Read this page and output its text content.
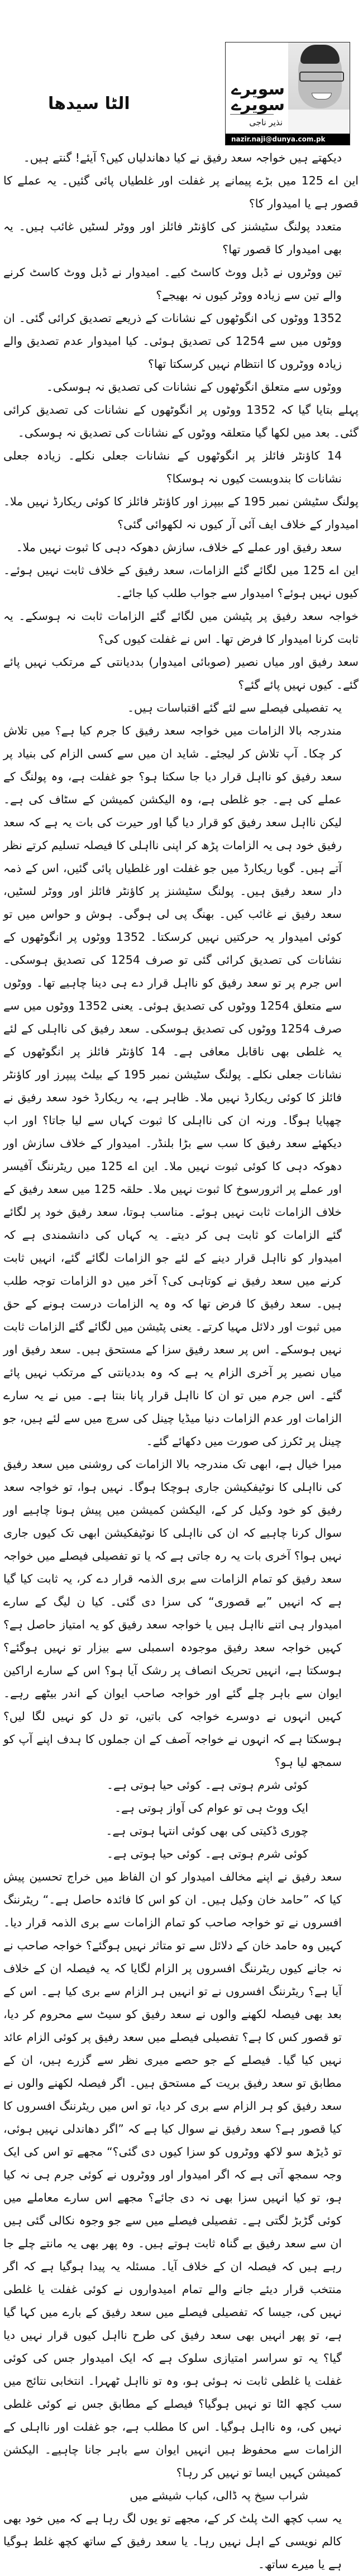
الٹا سیدھا
سویرے سویرے
نذیر ناجی
nazir.naji@dunya.com.pk

دیکھتے ہیں خواجہ سعد رفیق نے کیا دھاندلیاں کیں؟ آیئے! گنتے ہیں۔

این اے 125 میں بڑے پیمانے پر غفلت اور غلطیاں پائی گئیں۔ یہ عملے کا قصور ہے یا امیدوار کا؟

متعدد پولنگ سٹیشنز کی کاؤنٹر فائلز اور ووٹر لسٹیں غائب ہیں۔ یہ بھی امیدوار کا قصور تھا؟

تین ووٹروں نے ڈبل ووٹ کاسٹ کیے۔ امیدوار نے ڈبل ووٹ کاسٹ کرنے والے تین سے زیادہ ووٹر کیوں نہ بھیجے؟

1352 ووٹوں کی انگوٹھوں کے نشانات کے ذریعے تصدیق کرائی گئی۔ ان ووٹوں میں سے 1254 کی تصدیق ہوئی۔ کیا امیدوار عدم تصدیق والے زیادہ ووٹروں کا انتظام نہیں کرسکتا تھا؟

ووٹوں سے متعلق انگوٹھوں کے نشانات کی تصدیق نہ ہوسکی۔

پہلے بتایا گیا کہ 1352 ووٹوں پر انگوٹھوں کے نشانات کی تصدیق کرائی گئی۔ بعد میں لکھا گیا متعلقہ ووٹوں کے نشانات کی تصدیق نہ ہوسکی۔

14 کاؤنٹر فائلز پر انگوٹھوں کے نشانات جعلی نکلے۔ زیادہ جعلی نشانات کا بندوبست کیوں نہ ہوسکا؟

پولنگ سٹیشن نمبر 195 کے بیپرز اور کاؤنٹر فائلز کا کوئی ریکارڈ نہیں ملا۔ امیدوار کے خلاف ایف آئی آر کیوں نہ لکھوائی گئی؟

سعد رفیق اور عملے کے خلاف، سازش دھوکہ دہی کا ثبوت نہیں ملا۔

این اے 125 میں لگائے گئے الزامات، سعد رفیق کے خلاف ثابت نہیں ہوئے۔ کیوں نہیں ہوئے؟ امیدوار سے جواب طلب کیا جائے۔

خواجہ سعد رفیق پر پٹیشن میں لگائے گئے الزامات ثابت نہ ہوسکے۔ یہ ثابت کرنا امیدوار کا فرض تھا۔ اس نے غفلت کیوں کی؟

سعد رفیق اور میاں نصیر (صوبائی امیدوار) بددیانتی کے مرتکب نہیں پائے گئے۔ کیوں نہیں پائے گئے؟

یہ تفصیلی فیصلے سے لئے گئے اقتباسات ہیں۔

مندرجہ بالا الزامات میں خواجہ سعد رفیق کا جرم کیا ہے؟ میں تلاش کر چکا۔ آپ تلاش کر لیجئے۔ شاید ان میں سے کسی الزام کی بنیاد پر سعد رفیق کو نااہل قرار دیا جا سکتا ہو؟ جو غفلت ہے، وہ پولنگ کے عملے کی ہے۔ جو غلطی ہے، وہ الیکشن کمیشن کے سٹاف کی ہے۔ لیکن نااہل سعد رفیق کو قرار دیا گیا اور حیرت کی بات یہ ہے کہ سعد رفیق خود ہی یہ الزامات پڑھ کر اپنی نااہلی کا فیصلہ تسلیم کرتے نظر آتے ہیں۔ گویا ریکارڈ میں جو غفلت اور غلطیاں پائی گئیں، اس کے ذمہ دار سعد رفیق ہیں۔ پولنگ سٹیشنز پر کاؤنٹر فائلز اور ووٹر لسٹیں، سعد رفیق نے غائب کیں۔ بھنگ پی لی ہوگی۔ ہوش و حواس میں تو کوئی امیدوار یہ حرکتیں نہیں کرسکتا۔ 1352 ووٹوں پر انگوٹھوں کے نشانات کی تصدیق کرائی گئی تو صرف 1254 کی تصدیق ہوسکی۔ اس جرم پر تو سعد رفیق کو نااہل قرار دے ہی دینا چاہیے تھا۔ ووٹوں سے متعلق 1254 ووٹوں کی تصدیق ہوئی۔ یعنی 1352 ووٹوں میں سے صرف 1254 ووٹوں کی تصدیق ہوسکی۔ سعد رفیق کی نااہلی کے لئے یہ غلطی بھی ناقابل معافی ہے۔ 14 کاؤنٹر فائلز پر انگوٹھوں کے نشانات جعلی نکلے۔ پولنگ سٹیشن نمبر 195 کے بیلٹ پیپرز اور کاؤنٹر فائلز کا کوئی ریکارڈ نہیں ملا۔ ظاہر ہے، یہ ریکارڈ خود سعد رفیق نے چھپایا ہوگا۔ ورنہ ان کی نااہلی کا ثبوت کہاں سے لیا جاتا؟ اور اب دیکھئے سعد رفیق کا سب سے بڑا بلنڈر۔ امیدوار کے خلاف سازش اور دھوکہ دہی کا کوئی ثبوت نہیں ملا۔ این اے 125 میں ریٹرننگ آفیسر اور عملے پر اثرورسوخ کا ثبوت نہیں ملا۔ حلقہ 125 میں سعد رفیق کے خلاف الزامات ثابت نہیں ہوئے۔ مناسب ہوتا، سعد رفیق خود پر لگائے گئے الزامات کو ثابت ہی کر دیتے۔ یہ کہاں کی دانشمندی ہے کہ امیدوار کو نااہل قرار دینے کے لئے جو الزامات لگائے گئے، انہیں ثابت کرنے میں سعد رفیق نے کوتاہی کی؟ آخر میں دو الزامات توجہ طلب ہیں۔ سعد رفیق کا فرض تھا کہ وہ یہ الزامات درست ہونے کے حق میں ثبوت اور دلائل مہیا کرتے۔ یعنی پٹیشن میں لگائے گئے الزامات ثابت نہیں ہوسکے۔ اس پر سعد رفیق سزا کے مستحق ہیں۔ سعد رفیق اور میاں نصیر پر آخری الزام یہ ہے کہ وہ بددیانتی کے مرتکب نہیں پائے گئے۔ اس جرم میں تو ان کا نااہل قرار پانا بنتا ہے۔ میں نے یہ سارے الزامات اور عدم الزامات دنیا میڈیا چینل کی سرچ میں سے لئے ہیں، جو چینل پر ٹکرز کی صورت میں دکھائے گئے۔

میرا خیال ہے، ابھی تک مندرجہ بالا الزامات کی روشنی میں سعد رفیق کی نااہلی کا نوٹیفکیشن جاری ہوچکا ہوگا۔ نہیں ہوا، تو خواجہ سعد رفیق کو خود وکیل کر کے، الیکشن کمیشن میں پیش ہونا چاہیے اور سوال کرنا چاہیے کہ ان کی نااہلی کا نوٹیفکیشن ابھی تک کیوں جاری نہیں ہوا؟ آخری بات یہ رہ جاتی ہے کہ یا تو تفصیلی فیصلے میں خواجہ سعد رفیق کو تمام الزامات سے بری الذمہ قرار دے کر، یہ ثابت کیا گیا ہے کہ انہیں ”بے قصوری“ کی سزا دی گئی۔ کیا ن لیگ کے سارے امیدوار ہی اتنے نااہل ہیں یا خواجہ سعد رفیق کو یہ امتیاز حاصل ہے؟ کہیں خواجہ سعد رفیق موجودہ اسمبلی سے بیزار تو نہیں ہوگئے؟ ہوسکتا ہے، انہیں تحریک انصاف پر رشک آیا ہو؟ اس کے سارے اراکین ایوان سے باہر چلے گئے اور خواجہ صاحب ایوان کے اندر بیٹھے رہے۔ کہیں انہوں نے دوسرے خواجہ کی باتیں، تو دل کو نہیں لگا لیں؟ ہوسکتا ہے کہ انہوں نے خواجہ آصف کے ان جملوں کا ہدف اپنے آپ کو سمجھ لیا ہو؟

کوئی شرم ہوتی ہے۔ کوئی حیا ہوتی ہے۔

ایک ووٹ ہی تو عوام کی آواز ہوتی ہے۔

چوری ڈکیتی کی بھی کوئی انتہا ہوتی ہے۔

کوئی شرم ہوتی ہے۔ کوئی حیا ہوتی ہے۔

سعد رفیق نے اپنے مخالف امیدوار کو ان الفاظ میں خراج تحسین پیش کیا کہ ”حامد خان وکیل ہیں۔ ان کو اس کا فائدہ حاصل ہے۔“ ریٹرننگ افسروں نے تو خواجہ صاحب کو تمام الزامات سے بری الذمہ قرار دیا۔ کہیں وہ حامد خان کے دلائل سے تو متاثر نہیں ہوگئے؟ خواجہ صاحب نے نہ جانے کیوں ریٹرننگ افسروں پر الزام لگایا کہ یہ فیصلہ ان کے خلاف آیا ہے؟ ریٹرننگ افسروں نے تو انہیں ہر الزام سے بری کیا ہے۔ اس کے بعد بھی فیصلہ لکھنے والوں نے سعد رفیق کو سیٹ سے محروم کر دیا، تو قصور کس کا ہے؟ تفصیلی فیصلے میں سعد رفیق پر کوئی الزام عائد نہیں کیا گیا۔ فیصلے کے جو حصے میری نظر سے گزرے ہیں، ان کے مطابق تو سعد رفیق بریت کے مستحق ہیں۔ اگر فیصلہ لکھنے والوں نے سعد رفیق کو ہر الزام سے بری کر دیا، تو اس میں ریٹرننگ افسروں کا کیا قصور ہے؟ سعد رفیق نے سوال کیا ہے کہ ”اگر دھاندلی نہیں ہوئی، تو ڈیڑھ سو لاکھ ووٹروں کو سزا کیوں دی گئی؟“ مجھے تو اس کی ایک وجہ سمجھ آتی ہے کہ اگر امیدوار اور ووٹروں نے کوئی جرم ہی نہ کیا ہو، تو کیا انہیں سزا بھی نہ دی جائے؟ مجھے اس سارے معاملے میں کوئی گڑبڑ لگتی ہے۔ تفصیلی فیصلے میں سے جو وجوہ نکالی گئی ہیں ان سے سعد رفیق بے گناہ ثابت ہوتے ہیں۔ وہ پھر بھی یہ مانتے چلے جا رہے ہیں کہ فیصلہ ان کے خلاف آیا۔ مسئلہ یہ پیدا ہوگیا ہے کہ اگر منتخب قرار دیئے جانے والے تمام امیدواروں نے کوئی غفلت یا غلطی نہیں کی، جیسا کہ تفصیلی فیصلے میں سعد رفیق کے بارے میں کہا گیا ہے، تو پھر انہیں بھی سعد رفیق کی طرح نااہل کیوں قرار نہیں دیا گیا؟ یہ تو سراسر امتیازی سلوک ہے کہ ایک امیدوار جس کی کوئی غفلت یا غلطی ثابت نہ ہوئی ہو، وہ تو نااہل ٹھہرا۔ انتخابی نتائج میں سب کچھ الٹا تو نہیں ہوگیا؟ فیصلے کے مطابق جس نے کوئی غلطی نہیں کی، وہ نااہل ہوگیا۔ اس کا مطلب ہے، جو غفلت اور نااہلی کے الزامات سے محفوظ ہیں انہیں ایوان سے باہر جانا چاہیے۔ الیکشن کمیشن کہیں ایسا تو نہیں کر رہا؟

شراب سیخ پہ ڈالی، کباب شیشے میں

یہ سب کچھ الٹ پلٹ کر کے، مجھے تو یوں لگ رہا ہے کہ میں خود بھی کالم نویسی کے اہل نہیں رہا۔ یا سعد رفیق کے ساتھ کچھ غلط ہوگیا ہے یا میرے ساتھ۔
